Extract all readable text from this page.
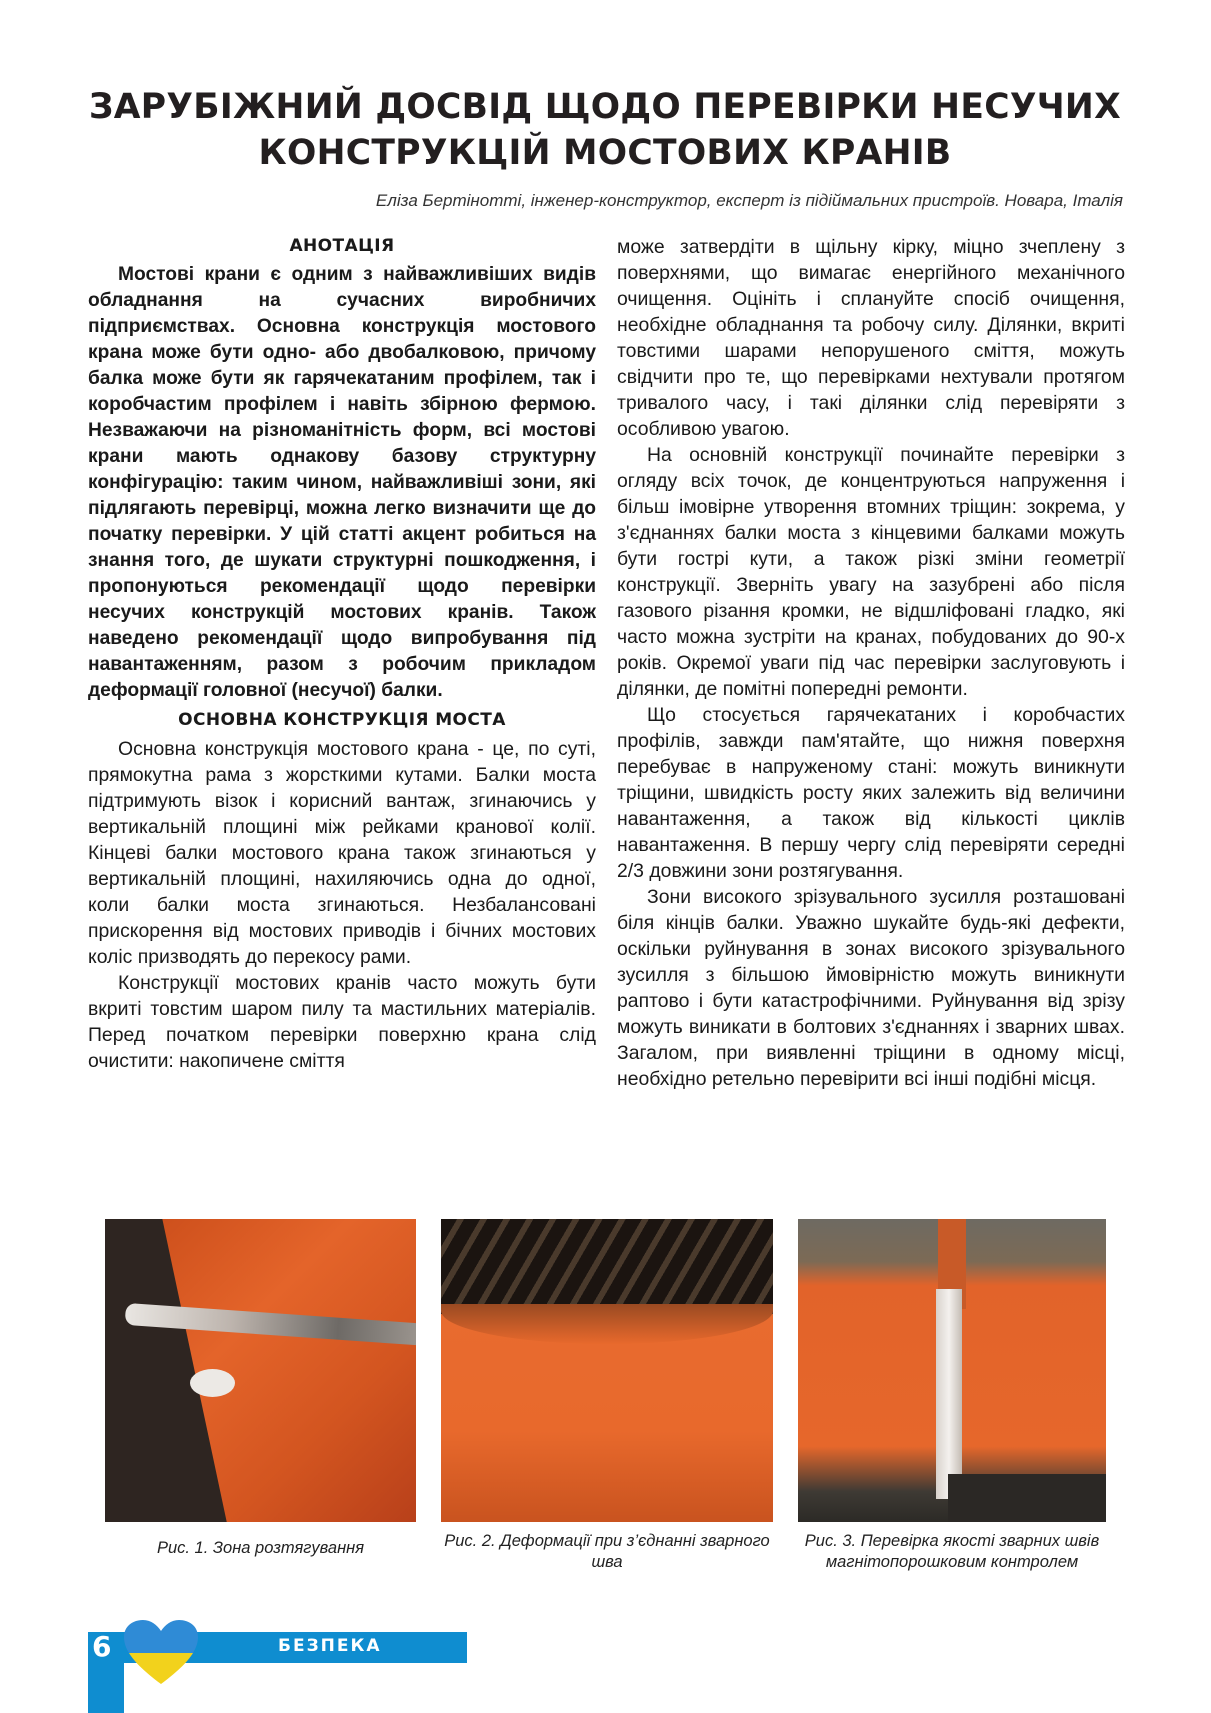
ЗАРУБІЖНИЙ ДОСВІД ЩОДО ПЕРЕВІРКИ НЕСУЧИХ
КОНСТРУКЦІЙ МОСТОВИХ КРАНІВ
Еліза Бертінотті, інженер-конструктор, експерт із підіймальних пристроїв. Новара, Італія
АНОТАЦІЯ

Мостові крани є одним з найважливіших видів обладнання на сучасних виробничих підприємствах. Основна конструкція мостового крана може бути одно- або двобалковою, причому балка може бути як гарячекатаним профілем, так і коробчастим профілем і навіть збірною фермою. Незважаючи на різноманітність форм, всі мостові крани мають однакову базову структурну конфігурацію: таким чином, найважливіші зони, які підлягають перевірці, можна легко визначити ще до початку перевірки. У цій статті акцент робиться на знання того, де шукати структурні пошкодження, і пропонуються рекомендації щодо перевірки несучих конструкцій мостових кранів. Також наведено рекомендації щодо випробування під навантаженням, разом з робочим прикладом деформації головної (несучої) балки.

ОСНОВНА КОНСТРУКЦІЯ МОСТА

Основна конструкція мостового крана - це, по суті, прямокутна рама з жорсткими кутами. Балки моста підтримують візок і корисний вантаж, згинаючись у вертикальній площині між рейками кранової колії. Кінцеві балки мостового крана також згинаються у вертикальній площині, нахиляючись одна до одної, коли балки моста згинаються. Незбалансовані прискорення від мостових приводів і бічних мостових коліс призводять до перекосу рами.

Конструкції мостових кранів часто можуть бути вкриті товстим шаром пилу та мастильних матеріалів. Перед початком перевірки поверхню крана слід очистити: накопичене сміття

може затвердіти в щільну кірку, міцно зчеплену з поверхнями, що вимагає енергійного механічного очищення. Оцініть і сплануйте спосіб очищення, необхідне обладнання та робочу силу. Ділянки, вкриті товстими шарами непорушеного сміття, можуть свідчити про те, що перевірками нехтували протягом тривалого часу, і такі ділянки слід перевіряти з особливою увагою.

На основній конструкції починайте перевірки з огляду всіх точок, де концентруються напруження і більш імовірне утворення втомних тріщин: зокрема, у з'єднаннях балки моста з кінцевими балками можуть бути гострі кути, а також різкі зміни геометрії конструкції. Зверніть увагу на зазубрені або після газового різання кромки, не відшліфовані гладко, які часто можна зустріти на кранах, побудованих до 90-х років. Окремої уваги під час перевірки заслуговують і ділянки, де помітні попередні ремонти.

Що стосується гарячекатаних і коробчастих профілів, завжди пам'ятайте, що нижня поверхня перебуває в напруженому стані: можуть виникнути тріщини, швидкість росту яких залежить від величини навантаження, а також від кількості циклів навантаження. В першу чергу слід перевіряти середні 2/3 довжини зони розтягування.

Зони високого зрізувального зусилля розташовані біля кінців балки. Уважно шукайте будь-які дефекти, оскільки руйнування в зонах високого зрізувального зусилля з більшою ймовірністю можуть виникнути раптово і бути катастрофічними. Руйнування від зрізу можуть виникати в болтових з'єднаннях і зварних швах. Загалом, при виявленні тріщини в одному місці, необхідно ретельно перевірити всі інші подібні місця.

Рис. 1. Зона розтягування	Рис. 2. Деформації при з’єднанні зварного шва
Рис. 3. Перевірка якості зварних швів магнітопорошковим контролем
БЕЗПЕКА
6
